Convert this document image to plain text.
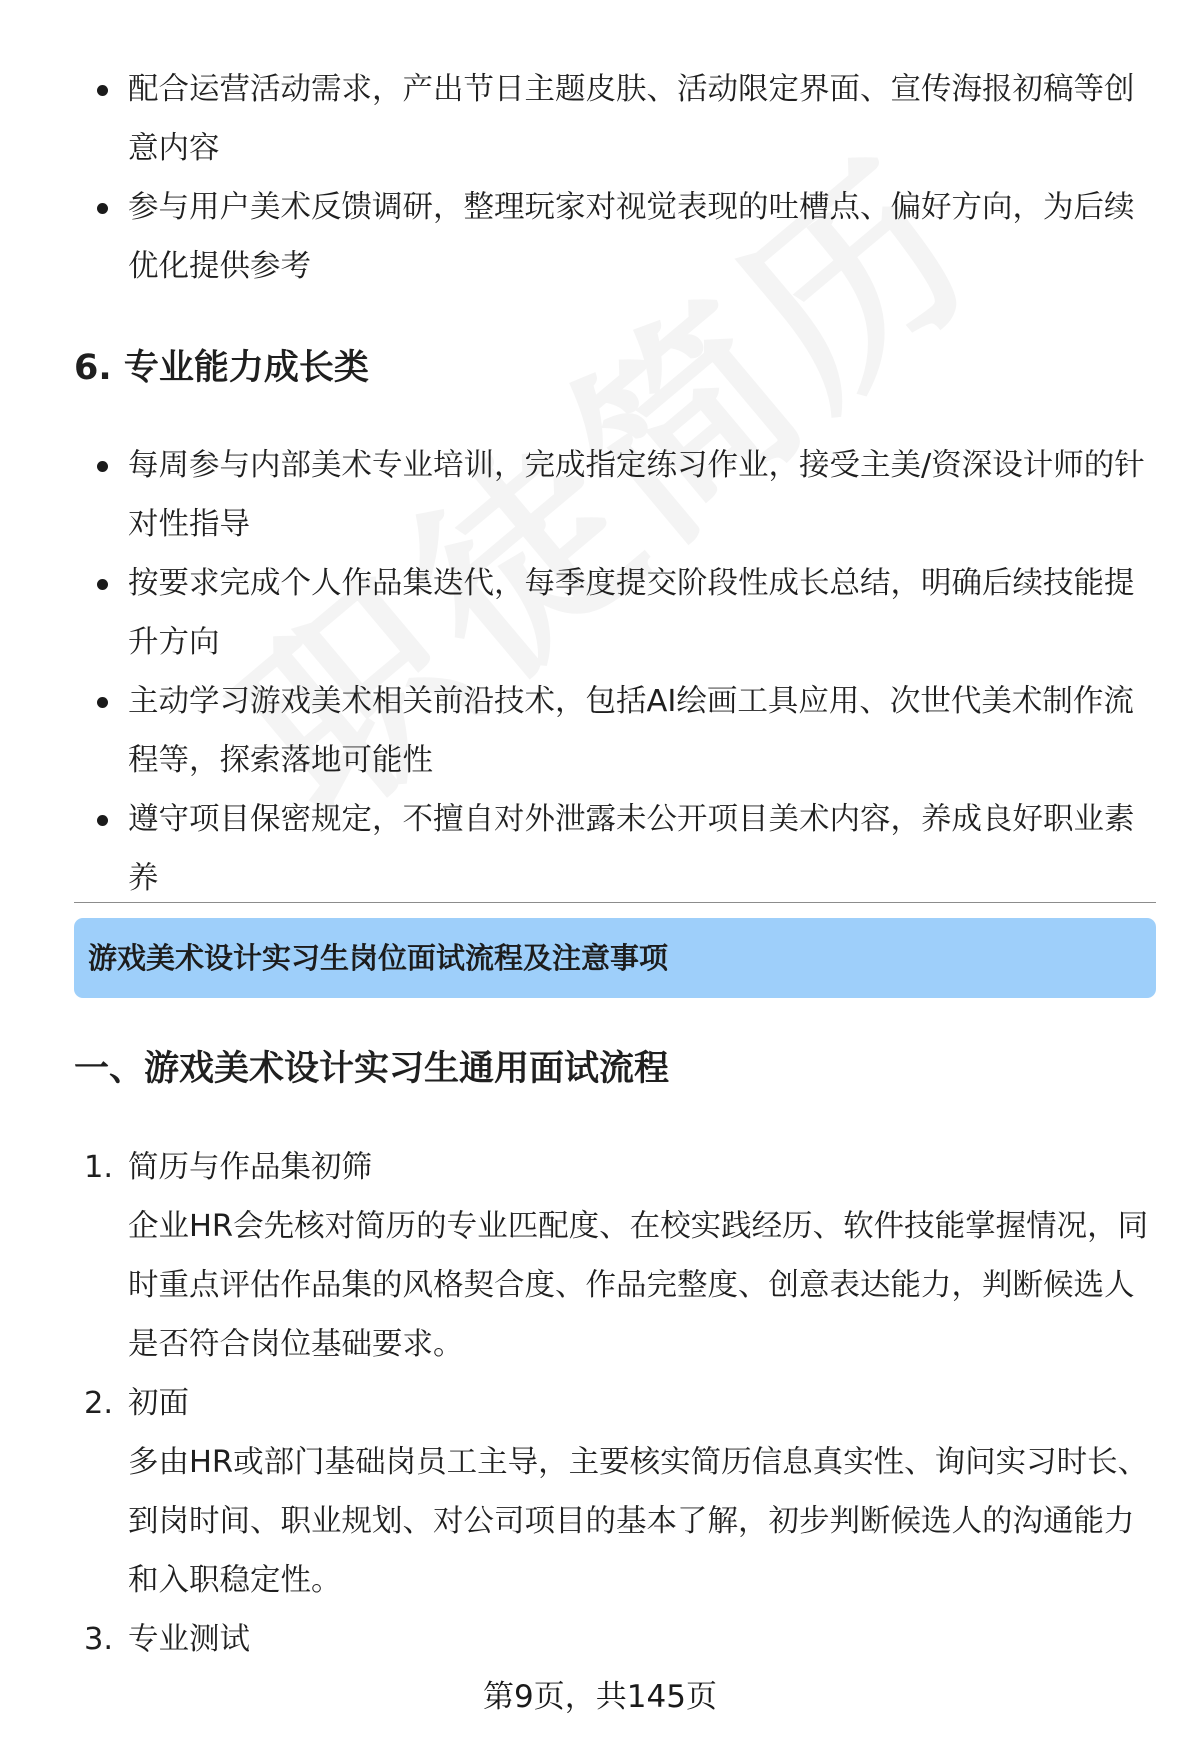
配合运营活动需求，产出节日主题皮肤、活动限定界面、宣传海报初稿等创意内容
参与用户美术反馈调研，整理玩家对视觉表现的吐槽点、偏好方向，为后续优化提供参考
6. 专业能力成长类
每周参与内部美术专业培训，完成指定练习作业，接受主美/资深设计师的针对性指导
按要求完成个人作品集迭代，每季度提交阶段性成长总结，明确后续技能提升方向
主动学习游戏美术相关前沿技术，包括AI绘画工具应用、次世代美术制作流程等，探索落地可能性
遵守项目保密规定，不擅自对外泄露未公开项目美术内容，养成良好职业素养
游戏美术设计实习生岗位面试流程及注意事项
一、游戏美术设计实习生通用面试流程
1. 简历与作品集初筛
企业HR会先核对简历的专业匹配度、在校实践经历、软件技能掌握情况，同时重点评估作品集的风格契合度、作品完整度、创意表达能力，判断候选人是否符合岗位基础要求。
2. 初面
多由HR或部门基础岗员工主导，主要核实简历信息真实性、询问实习时长、到岗时间、职业规划、对公司项目的基本了解，初步判断候选人的沟通能力和入职稳定性。
3. 专业测试
第9页，共145页
